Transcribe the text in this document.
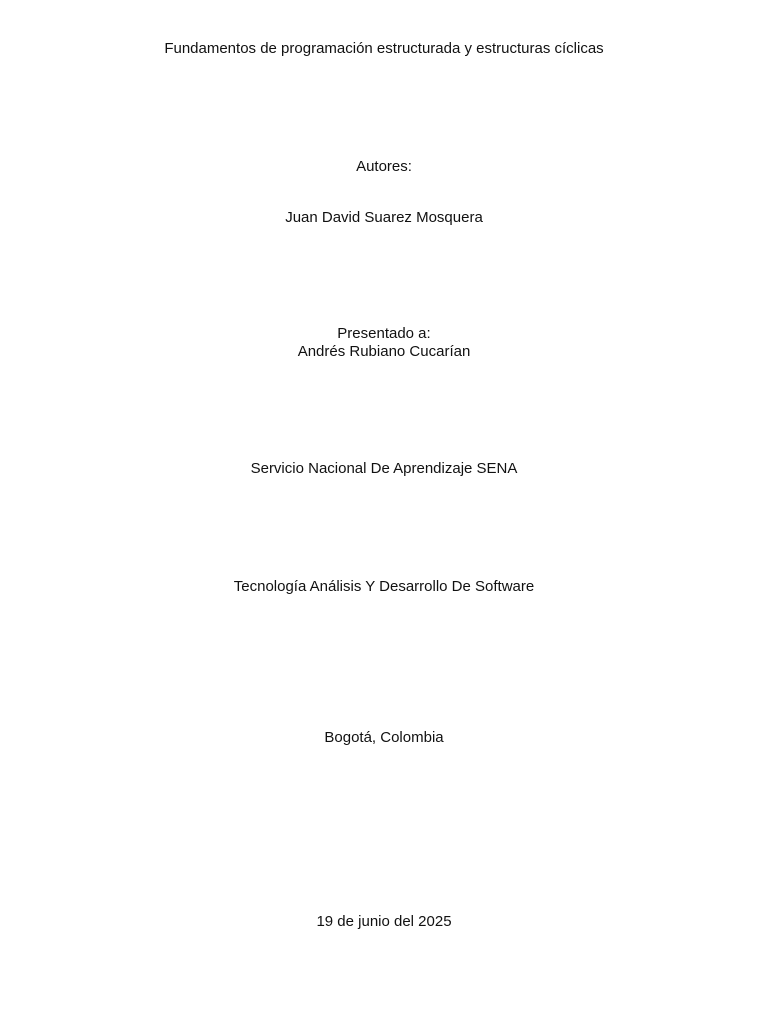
Fundamentos de programación estructurada y estructuras cíclicas
Autores:
Juan David Suarez Mosquera
Presentado a:
Andrés Rubiano Cucarían
Servicio Nacional De Aprendizaje SENA
Tecnología Análisis Y Desarrollo De Software
Bogotá, Colombia
19 de junio del 2025
